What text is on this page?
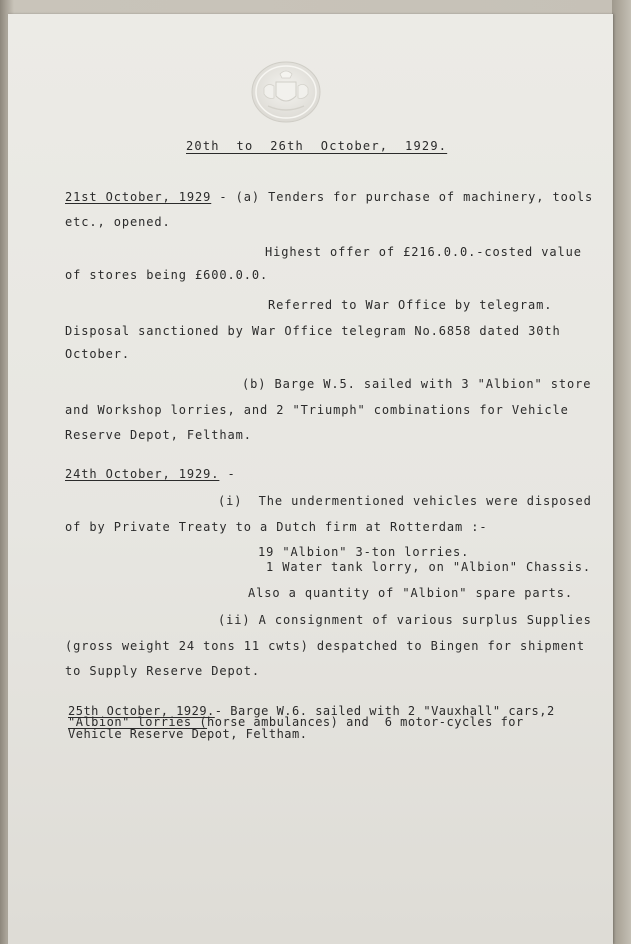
20th  to  26th  October,  1929.
21st October, 1929 - (a) Tenders for purchase of machinery, tools
etc., opened.
Highest offer of £216.0.0.-costed value
of stores being £600.0.0.
Referred to War Office by telegram.
Disposal sanctioned by War Office telegram No.6858 dated 30th
October.
(b) Barge W.5. sailed with 3 "Albion" store
and Workshop lorries, and 2 "Triumph" combinations for Vehicle
Reserve Depot, Feltham.
24th October, 1929. -
(i)  The undermentioned vehicles were disposed
of by Private Treaty to a Dutch firm at Rotterdam :-
19 "Albion" 3-ton lorries.
1 Water tank lorry, on "Albion" Chassis.
Also a quantity of "Albion" spare parts.
(ii) A consignment of various surplus Supplies
(gross weight 24 tons 11 cwts) despatched to Bingen for shipment
to Supply Reserve Depot.
25th October, 1929.- Barge W.6. sailed with 2 "Vauxhall" cars,2
"Albion" lorries (horse ambulances) and  6 motor-cycles for
Vehicle Reserve Depot, Feltham.
